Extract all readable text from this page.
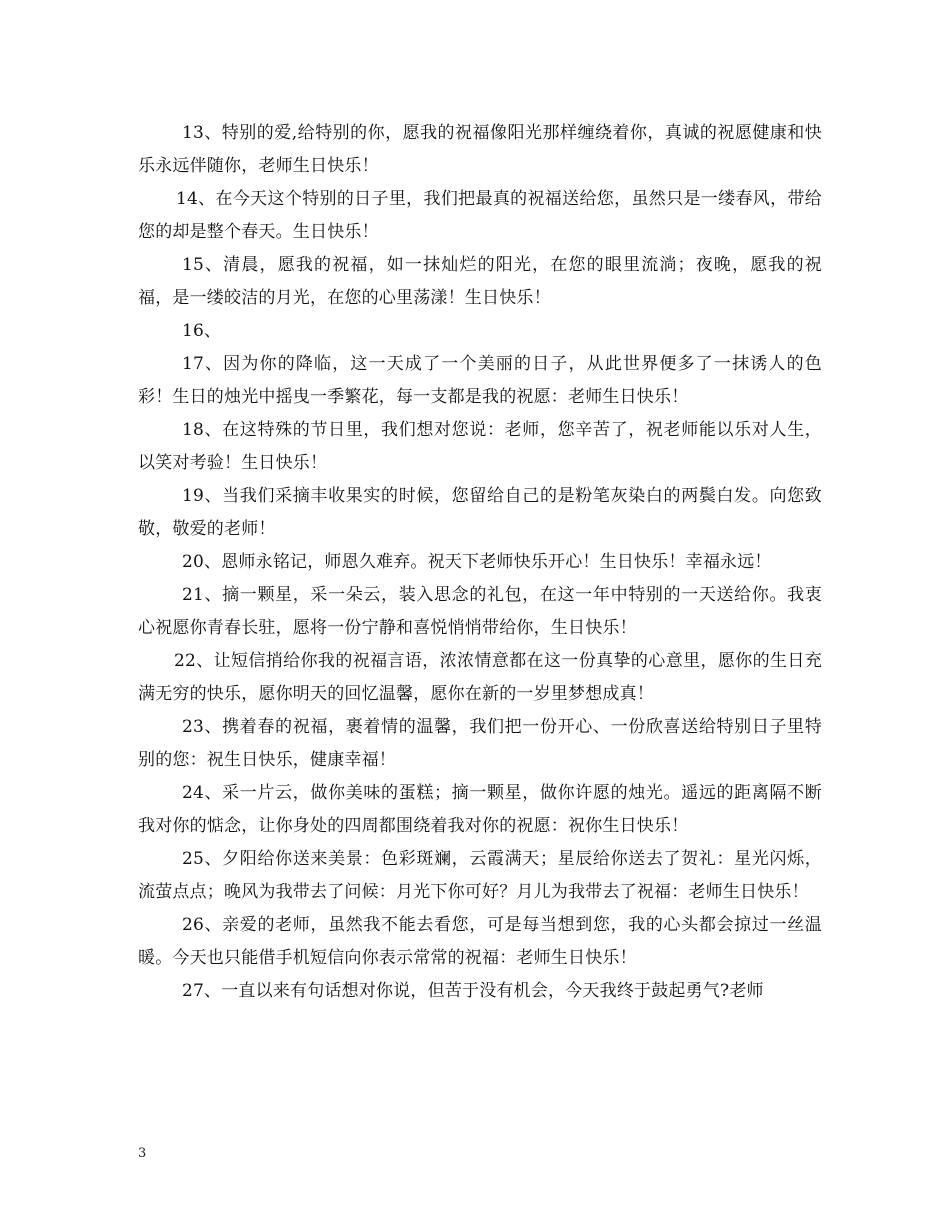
13、特别的爱,给特别的你，愿我的祝福像阳光那样缠绕着你，真诚的祝愿健康和快乐永远伴随你，老师生日快乐！

14、在今天这个特别的日子里，我们把最真的祝福送给您，虽然只是一缕春风，带给您的却是整个春天。生日快乐！

15、清晨，愿我的祝福，如一抹灿烂的阳光，在您的眼里流淌；夜晚，愿我的祝福，是一缕皎洁的月光，在您的心里荡漾！生日快乐！

16、

17、因为你的降临，这一天成了一个美丽的日子，从此世界便多了一抹诱人的色彩！生日的烛光中摇曳一季繁花，每一支都是我的祝愿：老师生日快乐！

18、在这特殊的节日里，我们想对您说：老师，您辛苦了，祝老师能以乐对人生，以笑对考验！生日快乐！

19、当我们采摘丰收果实的时候，您留给自己的是粉笔灰染白的两鬓白发。向您致敬，敬爱的老师！

20、恩师永铭记，师恩久难弃。祝天下老师快乐开心！生日快乐！幸福永远！

21、摘一颗星，采一朵云，装入思念的礼包，在这一年中特别的一天送给你。我衷心祝愿你青春长驻，愿将一份宁静和喜悦悄悄带给你，生日快乐！

22、让短信捎给你我的祝福言语，浓浓情意都在这一份真挚的心意里，愿你的生日充满无穷的快乐，愿你明天的回忆温馨，愿你在新的一岁里梦想成真！

23、携着春的祝福，裹着情的温馨，我们把一份开心、一份欣喜送给特别日子里特别的您：祝生日快乐，健康幸福！

24、采一片云，做你美味的蛋糕；摘一颗星，做你许愿的烛光。遥远的距离隔不断我对你的惦念，让你身处的四周都围绕着我对你的祝愿：祝你生日快乐！

25、夕阳给你送来美景：色彩斑斓，云霞满天；星辰给你送去了贺礼：星光闪烁，流萤点点；晚风为我带去了问候：月光下你可好？月儿为我带去了祝福：老师生日快乐！

26、亲爱的老师，虽然我不能去看您，可是每当想到您，我的心头都会掠过一丝温暖。今天也只能借手机短信向你表示常常的祝福：老师生日快乐！

27、一直以来有句话想对你说，但苦于没有机会，今天我终于鼓起勇气?老师

3
